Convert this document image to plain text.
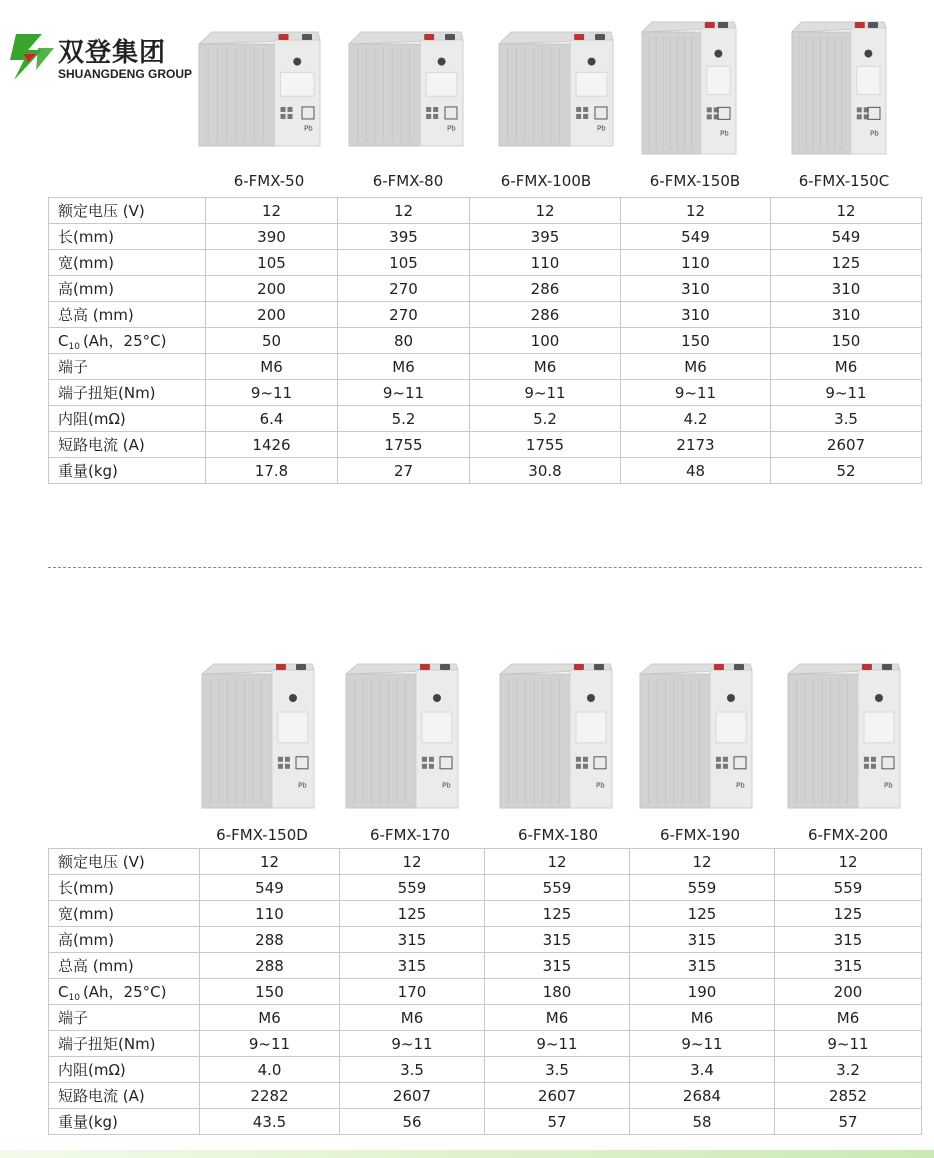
双登集团
SHUANGDENG GROUP
Pb
6-FMX-50
Pb
6-FMX-80
Pb
6-FMX-100B
Pb
6-FMX-150B
Pb
6-FMX-150C
Pb
6-FMX-150D
Pb
6-FMX-170
Pb
6-FMX-180
Pb
6-FMX-190
Pb
6-FMX-200
额定电压 (V)	12	12	12	12	12
长(mm)	390	395	395	549	549
宽(mm)	105	105	110	110	125
高(mm)	200	270	286	310	310
总高 (mm)	200	270	286	310	310
$C_{10}$ (Ah，25°C)	50	80	100	150	150
端子	M6	M6	M6	M6	M6
端子扭矩(Nm)	9~11	9~11	9~11	9~11	9~11
内阻(mΩ)	6.4	5.2	5.2	4.2	3.5
短路电流 (A)	1426	1755	1755	2173	2607
重量(kg)	17.8	27	30.8	48	52
额定电压 (V)	12	12	12	12	12
长(mm)	549	559	559	559	559
宽(mm)	110	125	125	125	125
高(mm)	288	315	315	315	315
总高 (mm)	288	315	315	315	315
$C_{10}$ (Ah，25°C)	150	170	180	190	200
端子	M6	M6	M6	M6	M6
端子扭矩(Nm)	9~11	9~11	9~11	9~11	9~11
内阻(mΩ)	4.0	3.5	3.5	3.4	3.2
短路电流 (A)	2282	2607	2607	2684	2852
重量(kg)	43.5	56	57	58	57
